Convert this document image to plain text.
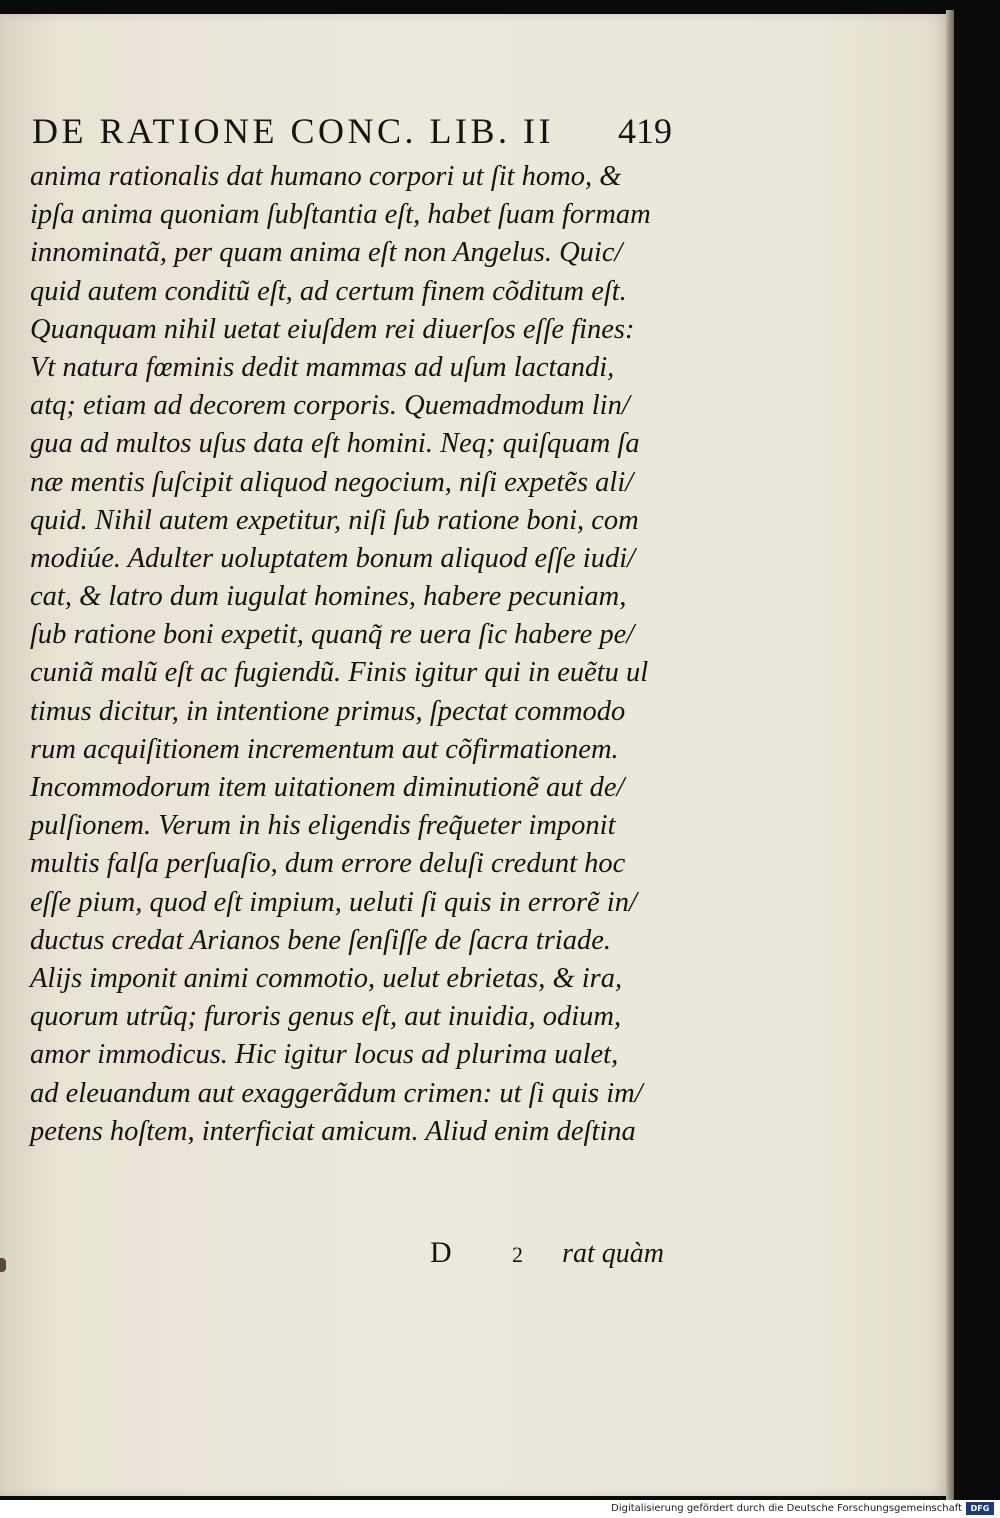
DE RATIONE CONC. LIB. II 419
anima rationalis dat humano corpori ut ſit homo, &
ipſa anima quoniam ſubſtantia eſt, habet ſuam formam
innominatã, per quam anima eſt non Angelus. Quic/
quid autem conditũ eſt, ad certum finem cõditum eſt.
Quanquam nihil uetat eiuſdem rei diuerſos eſſe fines:
Vt natura fœminis dedit mammas ad uſum lactandi,
atq; etiam ad decorem corporis. Quemadmodum lin/
gua ad multos uſus data eſt homini. Neq; quiſquam ſa
næ mentis ſuſcipit aliquod negocium, niſi expetẽs ali/
quid. Nihil autem expetitur, niſi ſub ratione boni, com
modiúe. Adulter uoluptatem bonum aliquod eſſe iudi/
cat, & latro dum iugulat homines, habere pecuniam,
ſub ratione boni expetit, quanq̃ re uera ſic habere pe/
cuniã malũ eſt ac fugiendũ. Finis igitur qui in euẽtu ul
timus dicitur, in intentione primus, ſpectat commodo
rum acquiſitionem incrementum aut cõfirmationem.
Incommodorum item uitationem diminutionẽ aut de/
pulſionem. Verum in his eligendis freq̃ueter imponit
multis falſa perſuaſio, dum errore deluſi credunt hoc
eſſe pium, quod eſt impium, ueluti ſi quis in errorẽ in/
ductus credat Arianos bene ſenſiſſe de ſacra triade.
Aliјs imponit animi commotio, uelut ebrietas, & ira,
quorum utrũq; furoris genus eſt, aut inuidia, odium,
amor immodicus. Hic igitur locus ad plurima ualet,
ad eleuandum aut exaggerãdum crimen: ut ſi quis im/
petens hoſtem, interficiat amicum. Aliud enim deſtina
D	2 rat quàm
Digitalisierung gefördert durch die Deutsche Forschungsgemeinschaft	DFG
